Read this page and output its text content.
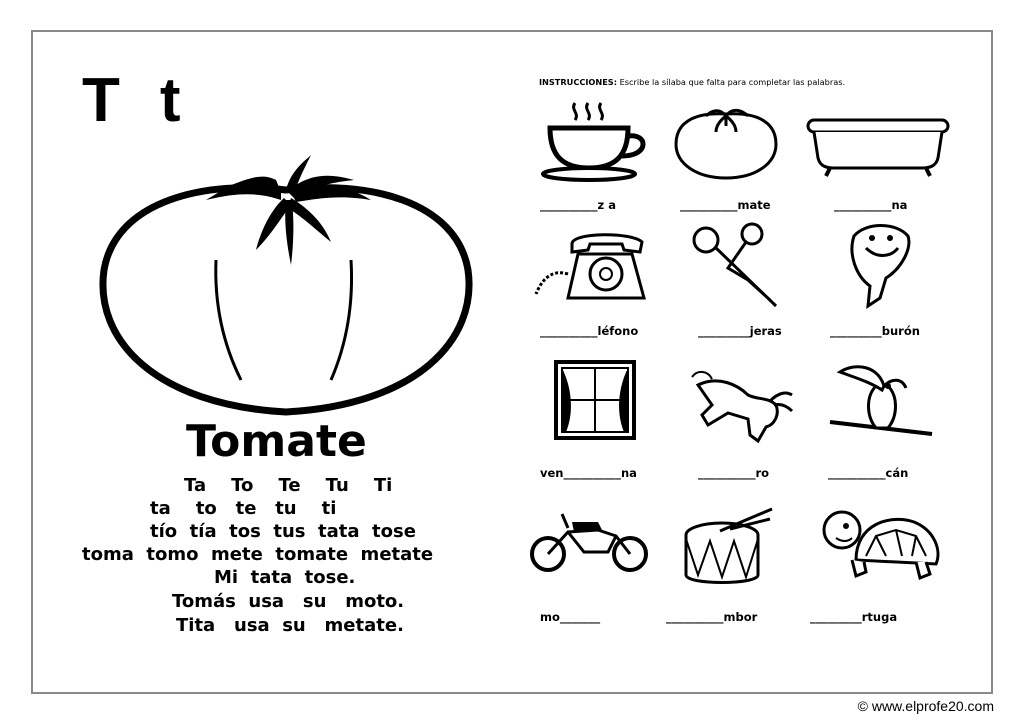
T t
Tomate
Ta    To    Te    Tu    Ti
ta    to   te   tu    ti
tío  tía  tos  tus  tata  tose
toma  tomo  mete  tomate  metate
Mi  tata  tose.
Tomás  usa   su   moto.
Tita   usa  su   metate.
INSTRUCCIONES: Escribe la sílaba que falta para completar las palabras.
__________z a	__________mate	__________na
__________léfono	_________jeras	_________burón
ven__________na	__________ro	__________cán
mo_______	__________mbor	_________rtuga
© www.elprofe20.com
